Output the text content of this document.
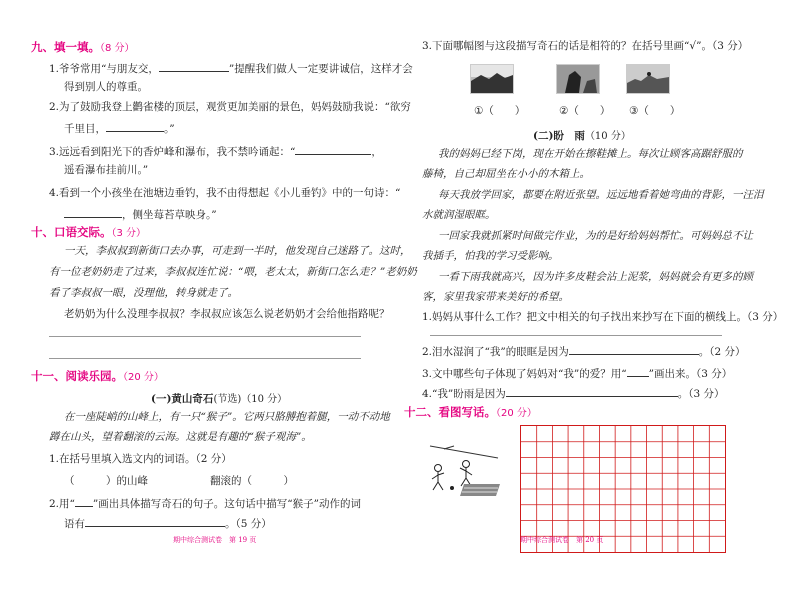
九、填一填。（8 分）
1.爷爷常用“与朋友交，	”提醒我们做人一定要讲诚信，这样才会
得到别人的尊重。
2.为了鼓励我登上鹳雀楼的顶层，观赏更加美丽的景色，妈妈鼓励我说：“欲穷
千里目，	。”
3.远远看到阳光下的香炉峰和瀑布，我不禁吟诵起：“	，
遥看瀑布挂前川。”
4.看到一个小孩坐在池塘边垂钓，我不由得想起《小儿垂钓》中的一句诗：“
，侧坐莓苔草映身。”
十、口语交际。（3 分）
一天，李叔叔到新街口去办事，可走到一半时，他发现自己迷路了。这时，
有一位老奶奶走了过来，李叔叔连忙说：“喂，老太太，新街口怎么走？”老奶奶
看了李叔叔一眼，没理他，转身就走了。
老奶奶为什么没理李叔叔？李叔叔应该怎么说老奶奶才会给他指路呢？
十一、阅读乐园。（20 分）
(一)黄山奇石(节选)（10 分）
在一座陡峭的山峰上，有一只“猴子”。它两只胳膊抱着腿，一动不动地
蹲在山头，望着翻滚的云海。这就是有趣的“猴子观海”。
1.在括号里填入选文内的词语。（2 分）
（　　　）的山峰	翻滚的（　　　）
2.用“ ”画出具体描写奇石的句子。这句话中描写“猴子”动作的词
语有	。（5 分）
期中综合测试卷　第 19 页
3.下面哪幅图与这段描写奇石的话是相符的？在括号里画“√”。（3 分）
①（　　）	②（　　） ③（　　）
(二)盼　雨（10 分）
我的妈妈已经下岗，现在开始在擦鞋摊上。每次让顾客高踞舒服的
藤椅，自己却屈坐在小小的木箱上。
每天我放学回家，都要在附近张望。远远地看着她弯曲的背影，一汪泪
水就润湿眼眶。
一回家我就抓紧时间做完作业，为的是好给妈妈帮忙。可妈妈总不让
我插手，怕我的学习受影响。
一看下雨我就高兴，因为许多皮鞋会沾上泥浆，妈妈就会有更多的顾
客，家里我家带来美好的希望。
1.妈妈从事什么工作？把文中相关的句子找出来抄写在下面的横线上。（3 分）
2.泪水湿润了“我”的眼眶是因为	。（2 分）
3.文中哪些句子体现了妈妈对“我”的爱？用“ ”画出来。（3 分）
4.“我”盼雨是因为	。（3 分）
十二、看图写话。（20 分）
期中综合测试卷　第 20 页
